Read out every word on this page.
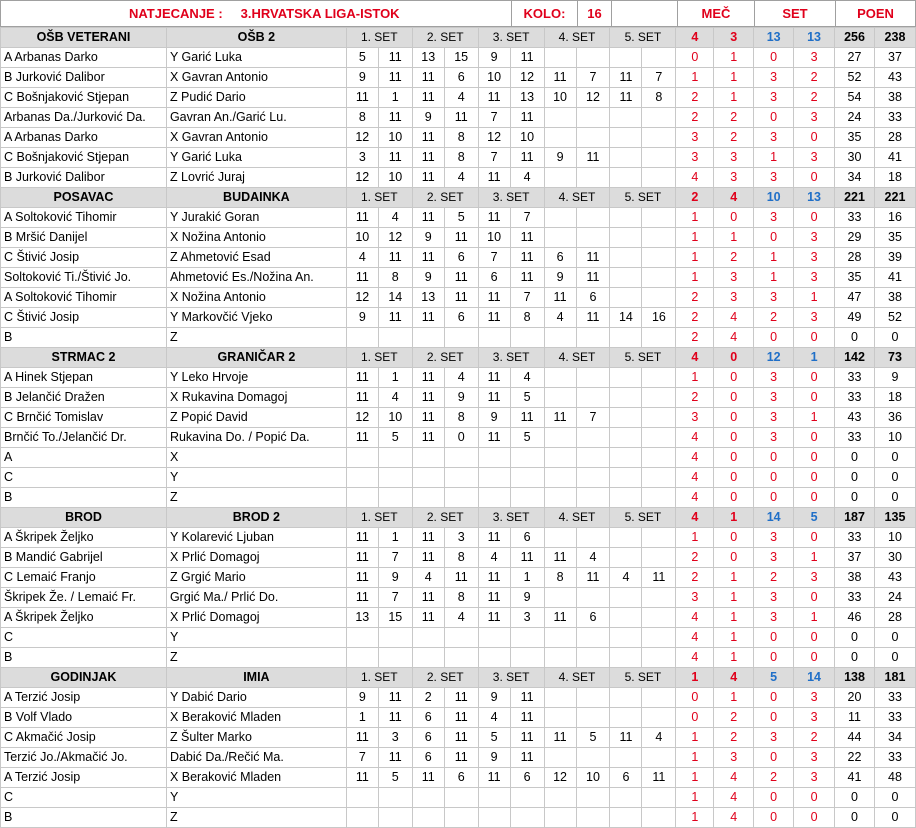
NATJECANJE : 3.HRVATSKA LIGA-ISTOK	KOLO: 16	MEČ	SET	POEN
OŠB VETERANI	OŠB 2	1. SET		2. SET		3. SET		4. SET		5. SET		4	3	13	13	256	238
A Arbanas Darko	Y Garić Luka	5	11	13	15	9	11					0	1	0	3	27	37
B Jurković Dalibor	X Gavran Antonio	9	11	11	6	10	12	11	7	11	7	1	1	3	2	52	43
C Bošnjaković Stjepan	Z Pudić Dario	11	1	11	4	11	13	10	12	11	8	2	1	3	2	54	38
Arbanas Da./Jurković Da.	Gavran An./Garić Lu.	8	11	9	11	7	11					2	2	0	3	24	33
A Arbanas Darko	X Gavran Antonio	12	10	11	8	12	10					3	2	3	0	35	28
C Bošnjaković Stjepan	Y Garić Luka	3	11	11	8	7	11	9	11			3	3	1	3	30	41
B Jurković Dalibor	Z Lovrić Juraj	12	10	11	4	11	4					4	3	3	0	34	18
POSAVAC	BUDAINKA	1. SET		2. SET		3. SET		4. SET		5. SET		2	4	10	13	221	221
A Soltoković Tihomir	Y Jurakić Goran	11	4	11	5	11	7					1	0	3	0	33	16
B Mršić Danijel	X Nožina Antonio	10	12	9	11	10	11					1	1	0	3	29	35
C Štivić Josip	Z Ahmetović Esad	4	11	11	6	7	11	6	11			1	2	1	3	28	39
Soltoković Ti./Štivić Jo.	Ahmetović Es./Nožina An.	11	8	9	11	6	11	9	11			1	3	1	3	35	41
A Soltoković Tihomir	X Nožina Antonio	12	14	13	11	11	7	11	6			2	3	3	1	47	38
C Štivić Josip	Y Markovčić Vjeko	9	11	11	6	11	8	4	11	14	16	2	4	2	3	49	52
B	Z											2	4	0	0	0	0
STRMAC 2	GRANIČAR 2	1. SET		2. SET		3. SET		4. SET		5. SET		4	0	12	1	142	73
A Hinek Stjepan	Y Leko Hrvoje	11	1	11	4	11	4					1	0	3	0	33	9
B Jelančić Dražen	X Rukavina Domagoj	11	4	11	9	11	5					2	0	3	0	33	18
C Brnčić Tomislav	Z Popić David	12	10	11	8	9	11	11	7			3	0	3	1	43	36
Brnčić To./Jelančić Dr.	Rukavina Do. / Popić Da.	11	5	11	0	11	5					4	0	3	0	33	10
A	X											4	0	0	0	0	0
C	Y											4	0	0	0	0	0
B	Z											4	0	0	0	0	0
BROD	BROD 2	1. SET		2. SET		3. SET		4. SET		5. SET		4	1	14	5	187	135
A Škripek Željko	Y Kolarević Ljuban	11	1	11	3	11	6					1	0	3	0	33	10
B Mandić Gabrijel	X Prlić Domagoj	11	7	11	8	4	11	11	4			2	0	3	1	37	30
C Lemaić Franjo	Z Grgić Mario	11	9	4	11	11	1	8	11	4	11	2	1	2	3	38	43
Škripek Že. / Lemaić Fr.	Grgić Ma./ Prlić Do.	11	7	11	8	11	9					3	1	3	0	33	24
A Škripek Željko	X Prlić Domagoj	13	15	11	4	11	3	11	6			4	1	3	1	46	28
C	Y											4	1	0	0	0	0
B	Z											4	1	0	0	0	0
GODINJAK	IMIA	1. SET		2. SET		3. SET		4. SET		5. SET		1	4	5	14	138	181
A Terzić Josip	Y Dabić Dario	9	11	2	11	9	11					0	1	0	3	20	33
B Volf Vlado	X Beraković Mladen	1	11	6	11	4	11					0	2	0	3	11	33
C Akmačić Josip	Z Šulter Marko	11	3	6	11	5	11	11	5	11	4	1	2	3	2	44	34
Terzić Jo./Akmačić Jo.	Dabić Da./Rečić Ma.	7	11	6	11	9	11					1	3	0	3	22	33
A Terzić Josip	X Beraković Mladen	11	5	11	6	11	6	12	10	6	11	1	4	2	3	41	48
C	Y											1	4	0	0	0	0
B	Z											1	4	0	0	0	0
